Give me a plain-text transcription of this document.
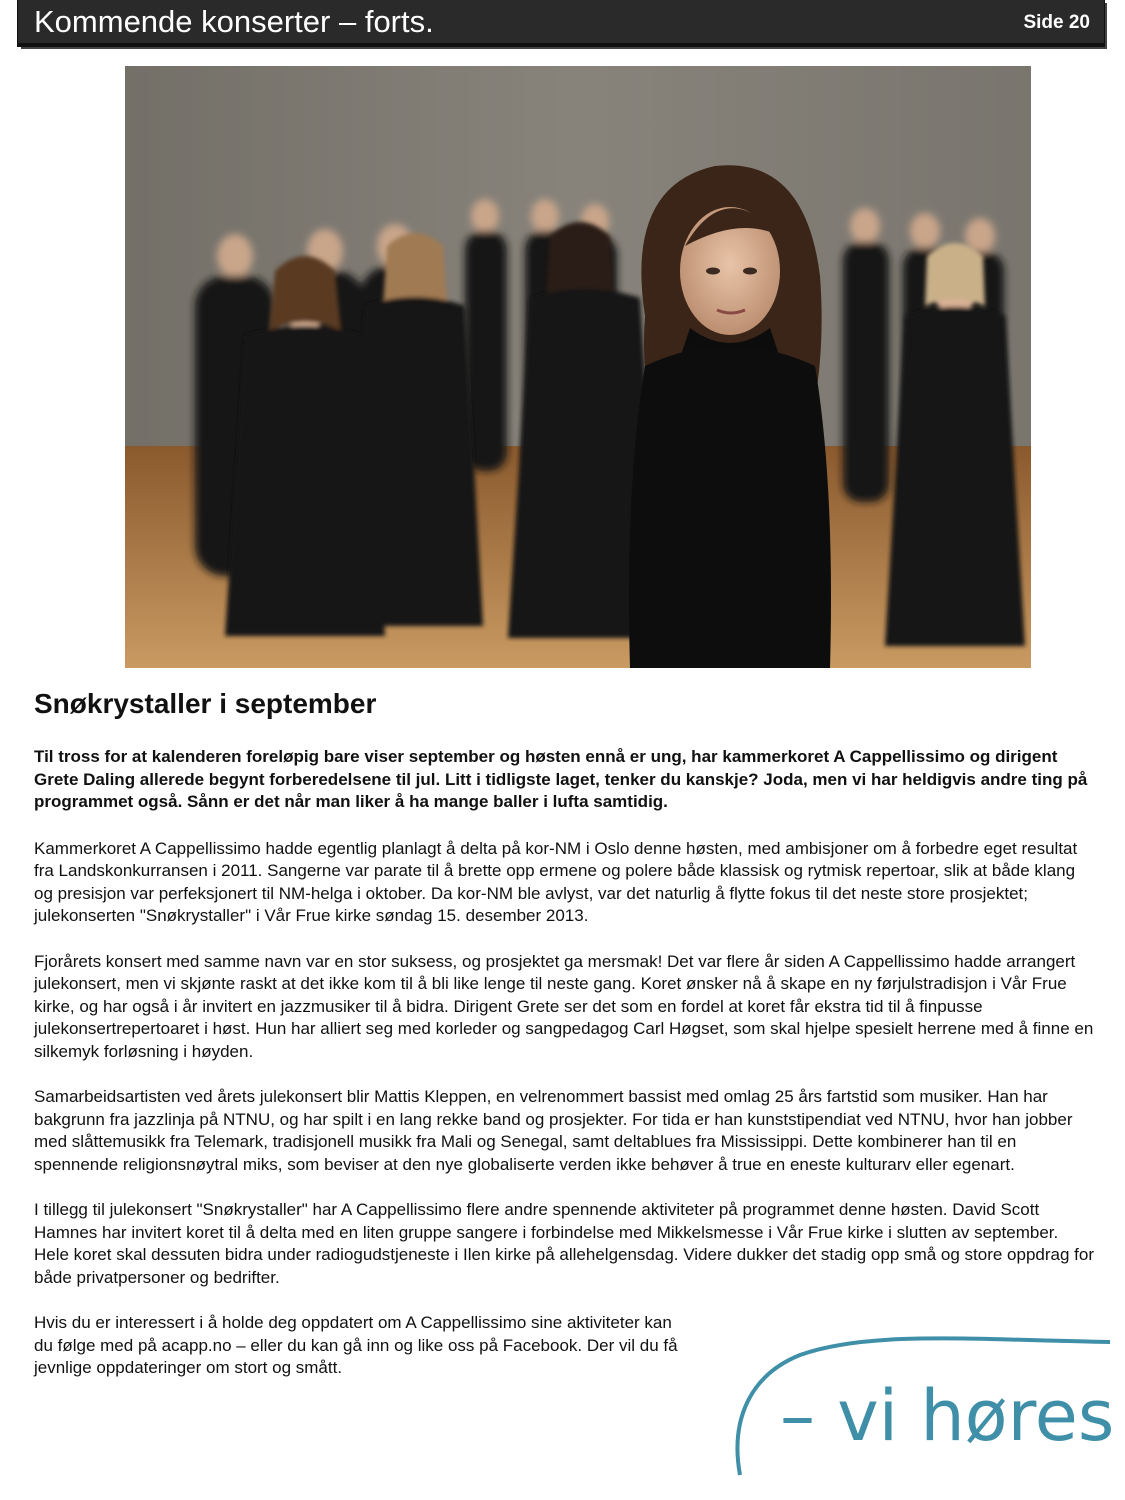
Kommende konserter – forts.	Side 20
Snøkrystaller i september

Til tross for at kalenderen foreløpig bare viser september og høsten ennå er ung, har kammerkoret A Cappellissimo og dirigent Grete Daling allerede begynt forberedelsene til jul. Litt i tidligste laget, tenker du kanskje? Joda, men vi har heldigvis andre ting på programmet også. Sånn er det når man liker å ha mange baller i lufta samtidig.

Kammerkoret A Cappellissimo hadde egentlig planlagt å delta på kor-NM i Oslo denne høsten, med ambisjoner om å forbedre eget resultat fra Landskonkurransen i 2011. Sangerne var parate til å brette opp ermene og polere både klassisk og rytmisk repertoar, slik at både klang og presisjon var perfeksjonert til NM-helga i oktober. Da kor-NM ble avlyst, var det naturlig å flytte fokus til det neste store prosjektet; julekonserten "Snøkrystaller" i Vår Frue kirke søndag 15. desember 2013.

Fjorårets konsert med samme navn var en stor suksess, og prosjektet ga mersmak! Det var flere år siden A Cappellissimo hadde arrangert julekonsert, men vi skjønte raskt at det ikke kom til å bli like lenge til neste gang. Koret ønsker nå å skape en ny førjulstradisjon i Vår Frue kirke, og har også i år invitert en jazzmusiker til å bidra. Dirigent Grete ser det som en fordel at koret får ekstra tid til å finpusse julekonsertrepertoaret i høst. Hun har alliert seg med korleder og sangpedagog Carl Høgset, som skal hjelpe spesielt herrene med å finne en silkemyk forløsning i høyden.

Samarbeidsartisten ved årets julekonsert blir Mattis Kleppen, en velrenommert bassist med omlag 25 års fartstid som musiker. Han har bakgrunn fra jazzlinja på NTNU, og har spilt i en lang rekke band og prosjekter. For tida er han kunststipendiat ved NTNU, hvor han jobber med slåttemusikk fra Telemark, tradisjonell musikk fra Mali og Senegal, samt deltablues fra Mississippi. Dette kombinerer han til en spennende religionsnøytral miks, som beviser at den nye globaliserte verden ikke behøver å true en eneste kulturarv eller egenart.

I tillegg til julekonsert "Snøkrystaller" har A Cappellissimo flere andre spennende aktiviteter på programmet denne høsten. David Scott Hamnes har invitert koret til å delta med en liten gruppe sangere i forbindelse med Mikkelsmesse i Vår Frue kirke i slutten av september. Hele koret skal dessuten bidra under radiogudstjeneste i Ilen kirke på allehelgensdag. Videre dukker det stadig opp små og store oppdrag for både privatpersoner og bedrifter.

Hvis du er interessert i å holde deg oppdatert om A Cappellissimo sine aktiviteter kan du følge med på acapp.no – eller du kan gå inn og like oss på Facebook. Der vil du få jevnlige oppdateringer om stort og smått.

– vi høres
